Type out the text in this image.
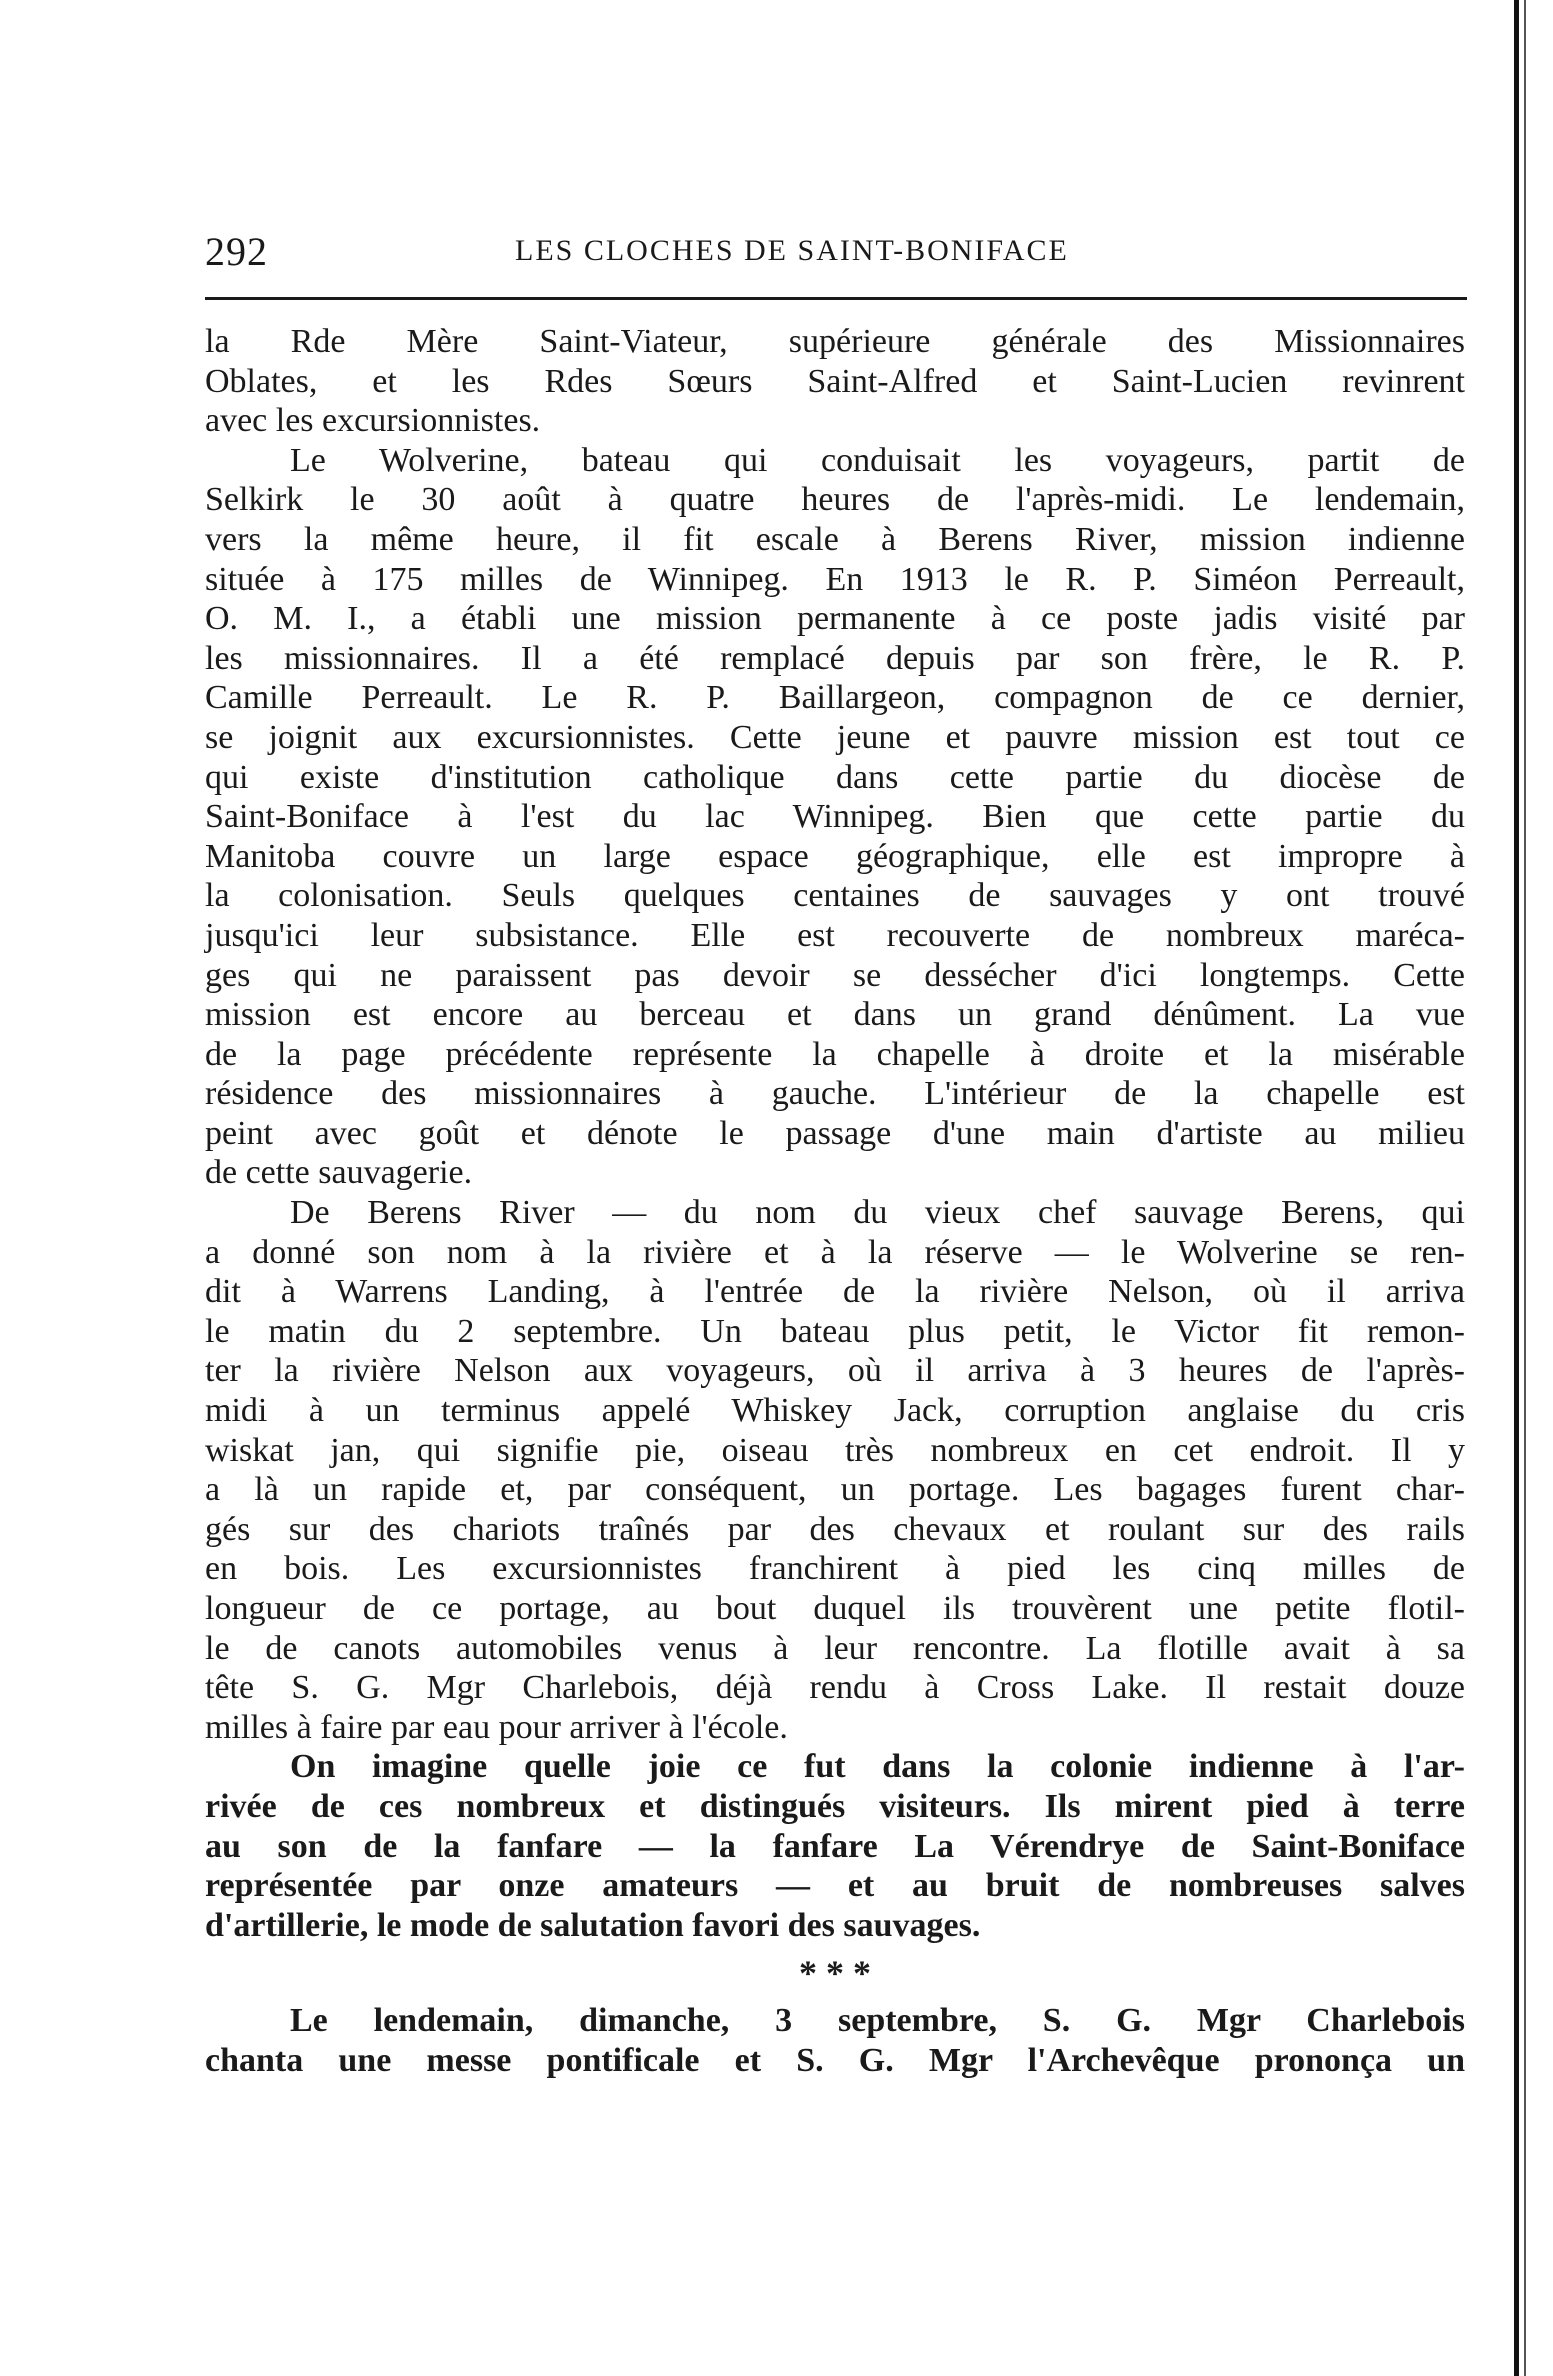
292	LES CLOCHES DE SAINT-BONIFACE
la Rde Mère Saint-Viateur, supérieure générale des Missionnaires
Oblates, et les Rdes Sœurs Saint-Alfred et Saint-Lucien revinrent
avec les excursionnistes.
Le Wolverine, bateau qui conduisait les voyageurs, partit de
Selkirk le 30 août à quatre heures de l'après-midi. Le lendemain,
vers la même heure, il fit escale à Berens River, mission indienne
située à 175 milles de Winnipeg. En 1913 le R. P. Siméon Perreault,
O. M. I., a établi une mission permanente à ce poste jadis visité par
les missionnaires. Il a été remplacé depuis par son frère, le R. P.
Camille Perreault. Le R. P. Baillargeon, compagnon de ce dernier,
se joignit aux excursionnistes. Cette jeune et pauvre mission est tout ce
qui existe d'institution catholique dans cette partie du diocèse de
Saint-Boniface à l'est du lac Winnipeg. Bien que cette partie du
Manitoba couvre un large espace géographique, elle est impropre à
la colonisation. Seuls quelques centaines de sauvages y ont trouvé
jusqu'ici leur subsistance. Elle est recouverte de nombreux maréca-
ges qui ne paraissent pas devoir se dessécher d'ici longtemps. Cette
mission est encore au berceau et dans un grand dénûment. La vue
de la page précédente représente la chapelle à droite et la misérable
résidence des missionnaires à gauche. L'intérieur de la chapelle est
peint avec goût et dénote le passage d'une main d'artiste au milieu
de cette sauvagerie.
De Berens River — du nom du vieux chef sauvage Berens, qui
a donné son nom à la rivière et à la réserve — le Wolverine se ren-
dit à Warrens Landing, à l'entrée de la rivière Nelson, où il arriva
le matin du 2 septembre. Un bateau plus petit, le Victor fit remon-
ter la rivière Nelson aux voyageurs, où il arriva à 3 heures de l'après-
midi à un terminus appelé Whiskey Jack, corruption anglaise du cris
wiskat jan, qui signifie pie, oiseau très nombreux en cet endroit. Il y
a là un rapide et, par conséquent, un portage. Les bagages furent char-
gés sur des chariots traînés par des chevaux et roulant sur des rails
en bois. Les excursionnistes franchirent à pied les cinq milles de
longueur de ce portage, au bout duquel ils trouvèrent une petite flotil-
le de canots automobiles venus à leur rencontre. La flotille avait à sa
tête S. G. Mgr Charlebois, déjà rendu à Cross Lake. Il restait douze
milles à faire par eau pour arriver à l'école.
On imagine quelle joie ce fut dans la colonie indienne à l'ar-
rivée de ces nombreux et distingués visiteurs. Ils mirent pied à terre
au son de la fanfare — la fanfare La Vérendrye de Saint-Boniface
représentée par onze amateurs — et au bruit de nombreuses salves
d'artillerie, le mode de salutation favori des sauvages.
* * *
Le lendemain, dimanche, 3 septembre, S. G. Mgr Charlebois
chanta une messe pontificale et S. G. Mgr l'Archevêque prononça un
